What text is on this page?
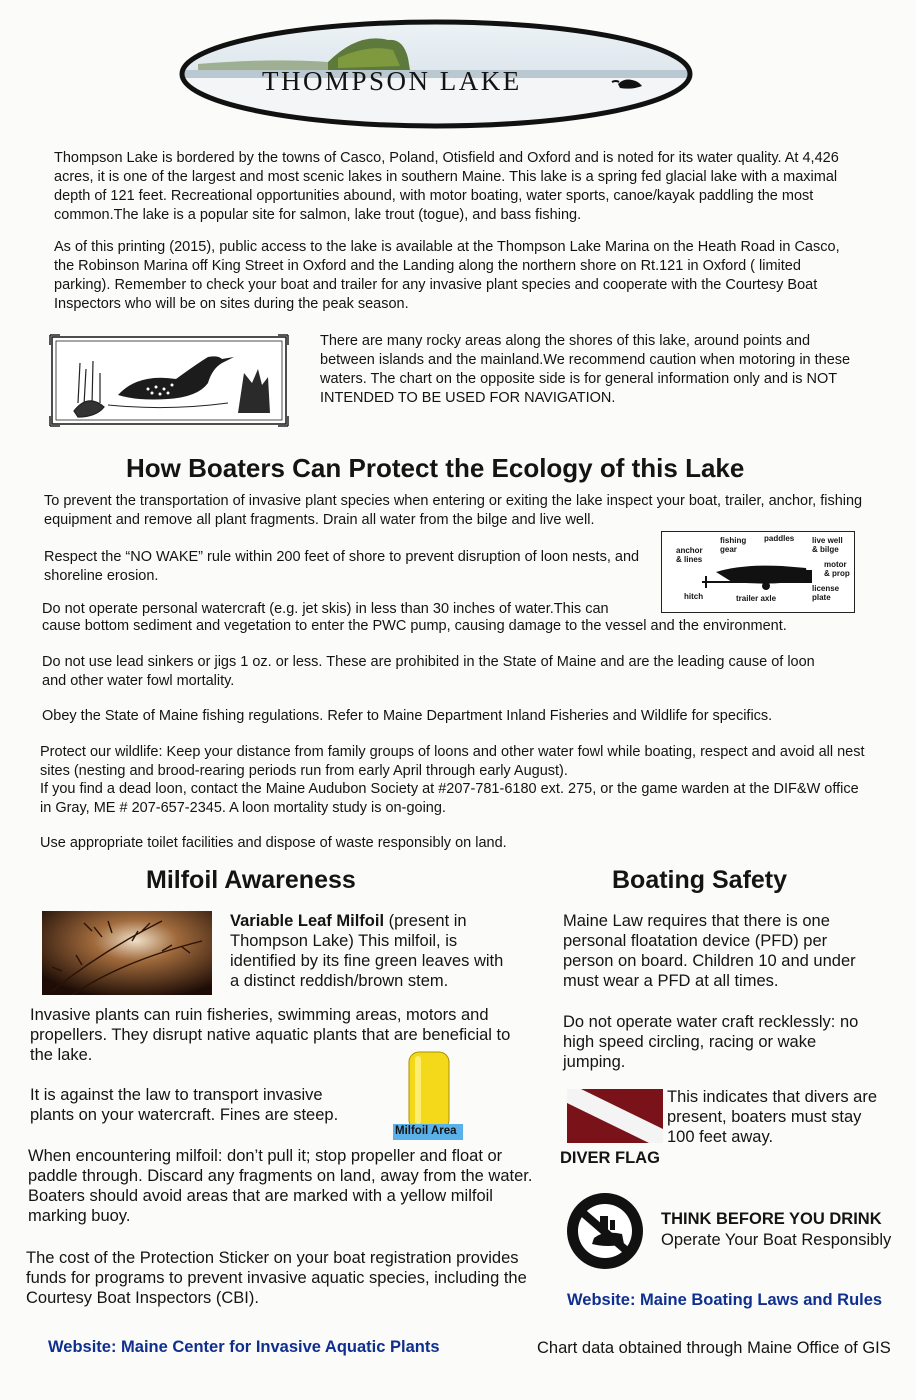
THOMPSON LAKE

Thompson Lake is bordered by the towns of Casco, Poland, Otisfield and Oxford and is noted for its water quality. At 4,426 acres, it is one of the largest and most scenic lakes in southern Maine. This lake is a spring fed glacial lake with a maximal depth of 121 feet. Recreational opportunities abound, with motor boating, water sports, canoe/kayak paddling the most common.The lake is a popular site for salmon, lake trout (togue), and bass fishing.

As of this printing (2015), public access to the lake is available at the Thompson Lake Marina on the Heath Road in Casco, the Robinson Marina off King Street in Oxford and the Landing along the northern shore on Rt.121 in Oxford ( limited parking). Remember to check your boat and trailer for any invasive plant species and cooperate with the Courtesy Boat Inspectors who will be on sites during the peak season.

There are many rocky areas along the shores of this lake, around points and between islands and the mainland.We recommend caution when motoring in these waters. The chart on the opposite side is for general information only and is NOT INTENDED TO BE USED FOR NAVIGATION.

How Boaters Can Protect the Ecology of this Lake

To prevent the transportation of invasive plant species when entering or exiting the lake inspect your boat, trailer, anchor, fishing equipment and remove all plant fragments. Drain all water from the bilge and live well.

Respect the “NO WAKE” rule within 200 feet of shore to prevent disruption of loon nests, and shoreline erosion.

fishing
gear
paddles live well
& bilge
anchor
& lines
motor
& prop
license
plate
hitch	trailer axle

Do not operate personal watercraft (e.g. jet skis) in less than 30 inches of water.This can

cause bottom sediment and vegetation to enter the PWC pump, causing damage to the vessel and the environment.

Do not use lead sinkers or jigs 1 oz. or less. These are prohibited in the State of Maine and are the leading cause of loon and other water fowl mortality.

Obey the State of Maine fishing regulations. Refer to Maine Department Inland Fisheries and Wildlife for specifics.

Protect our wildlife: Keep your distance from family groups of loons and other water fowl while boating, respect and avoid all nest sites (nesting and brood-rearing periods run from early April through early August).

If you find a dead loon, contact the Maine Audubon Society at #207-781-6180 ext. 275, or the game warden at the DIF&W office in Gray, ME # 207-657-2345. A loon mortality study is on-going.

Use appropriate toilet facilities and dispose of waste responsibly on land.

Milfoil Awareness
Variable Leaf Milfoil (present in Thompson Lake) This milfoil, is identified by its fine green leaves with a distinct reddish/brown stem.

Invasive plants can ruin fisheries, swimming areas, motors and propellers. They disrupt native aquatic plants that are beneficial to the lake.

It is against the law to transport invasive plants on your watercraft. Fines are steep.

Milfoil Area

When encountering milfoil: don’t pull it; stop propeller and float or paddle through. Discard any fragments on land, away from the water. Boaters should avoid areas that are marked with a yellow milfoil marking buoy.

The cost of the Protection Sticker on your boat registration provides funds for programs to prevent invasive aquatic species, including the Courtesy Boat Inspectors (CBI).

Website: Maine Center for Invasive Aquatic Plants
Boating Safety

Maine Law requires that there is one personal floatation device (PFD) per person on board. Children 10 and under must wear a PFD at all times.

Do not operate water craft recklessly: no high speed circling, racing or wake jumping.

This indicates that divers are present, boaters must stay 100 feet away.

DIVER FLAG
THINK BEFORE YOU DRINK
Operate Your Boat Responsibly
Website: Maine Boating Laws and Rules
Chart data obtained through Maine Office of GIS
